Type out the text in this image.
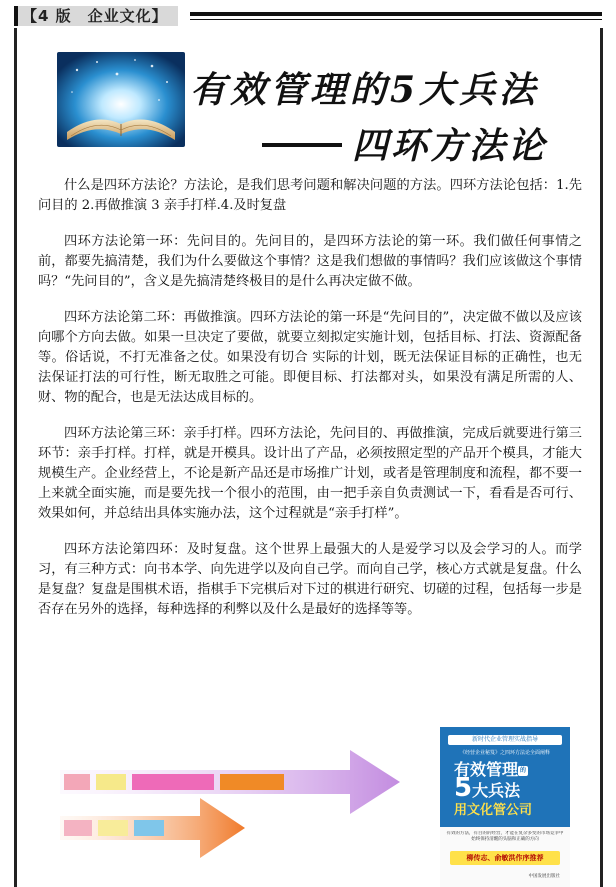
【4 版　企业文化】
有效管理的5大兵法
四环方法论

什么是四环方法论？方法论，是我们思考问题和解决问题的方法。四环方法论包括：1.先问目的 2.再做推演 3 亲手打样.4.及时复盘

四环方法论第一环：先问目的。先问目的，是四环方法论的第一环。我们做任何事情之前，都要先搞清楚，我们为什么要做这个事情？这是我们想做的事情吗？我们应该做这个事情吗？“先问目的”，含义是先搞清楚终极目的是什么再决定做不做。

四环方法论第二环：再做推演。四环方法论的第一环是“先问目的”，决定做不做以及应该向哪个方向去做。如果一旦决定了要做，就要立刻拟定实施计划，包括目标、打法、资源配备等。俗话说，不打无准备之仗。如果没有切合 实际的计划，既无法保证目标的正确性，也无法保证打法的可行性，断无取胜之可能。即便目标、打法都对头，如果没有满足所需的人、财、物的配合，也是无法达成目标的。

四环方法论第三环：亲手打样。四环方法论，先问目的、再做推演，完成后就要进行第三环节：亲手打样。打样，就是开模具。设计出了产品，必须按照定型的产品开个模具，才能大规模生产。企业经营上，不论是新产品还是市场推广计划，或者是管理制度和流程，都不要一上来就全面实施，而是要先找一个很小的范围，由一把手亲自负责测试一下，看看是否可行、效果如何，并总结出具体实施办法，这个过程就是“亲手打样”。

四环方法论第四环：及时复盘。这个世界上最强大的人是爱学习以及会学习的人。而学习，有三种方式：向书本学、向先进学以及向自己学。而向自己学，核心方式就是复盘。什么是复盘？复盘是围棋术语，指棋手下完棋后对下过的棋进行研究、切磋的过程，包括每一步是否存在另外的选择，每种选择的利弊以及什么是最好的选择等等。

新时代企业管理实战指导
《经营企业秘笈》之四环方法论全面阐释
有效管理 的
5大兵法
用文化管公司
有效的方法，有目的的经营，才能在复杂多变的市场竞争中始终保持清醒的头脑和正确的方向
柳传志、俞敏洪作序推荐
中国发展出版社
